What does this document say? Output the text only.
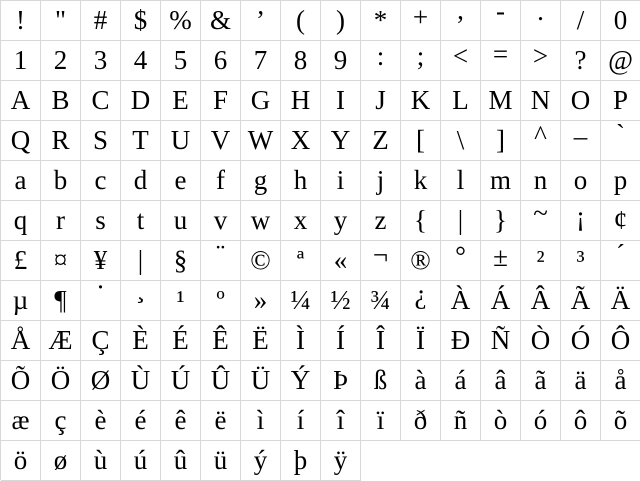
!	"	# $ % & ’	(	)	* +	,	-	.	/	0
1 2 3 4 5 6 7 8 9	:	;	< = > ? @
A B C D E F G H I	J K L M N O P
Q R S T U V W X Y Z	[	\	]	^ _	`
a	b	c	d	e	f	g h	i	j	k	l m n o p
q	r	s	t	u v w x y	z	{	|	} ~	¡	¢
£ ¤ ¥	|	§	¨ © ª	« ¬ ® °	±	²	³	´
µ ¶	·	¸	¹	º	» ¼ ½ ¾ ¿ À Á Â Ã Ä
Å Æ Ç È É Ê Ë	Ì	Í	Î	Ï Ð Ñ Ò Ó Ô
Õ Ö Ø Ù Ú Û Ü Ý Þ ß	à	á	â	ã	ä	å
æ ç	è	é	ê	ë	ì	í	î	ï	ð ñ ò ó ô õ
ö ø ù ú û ü ý þ ÿ
